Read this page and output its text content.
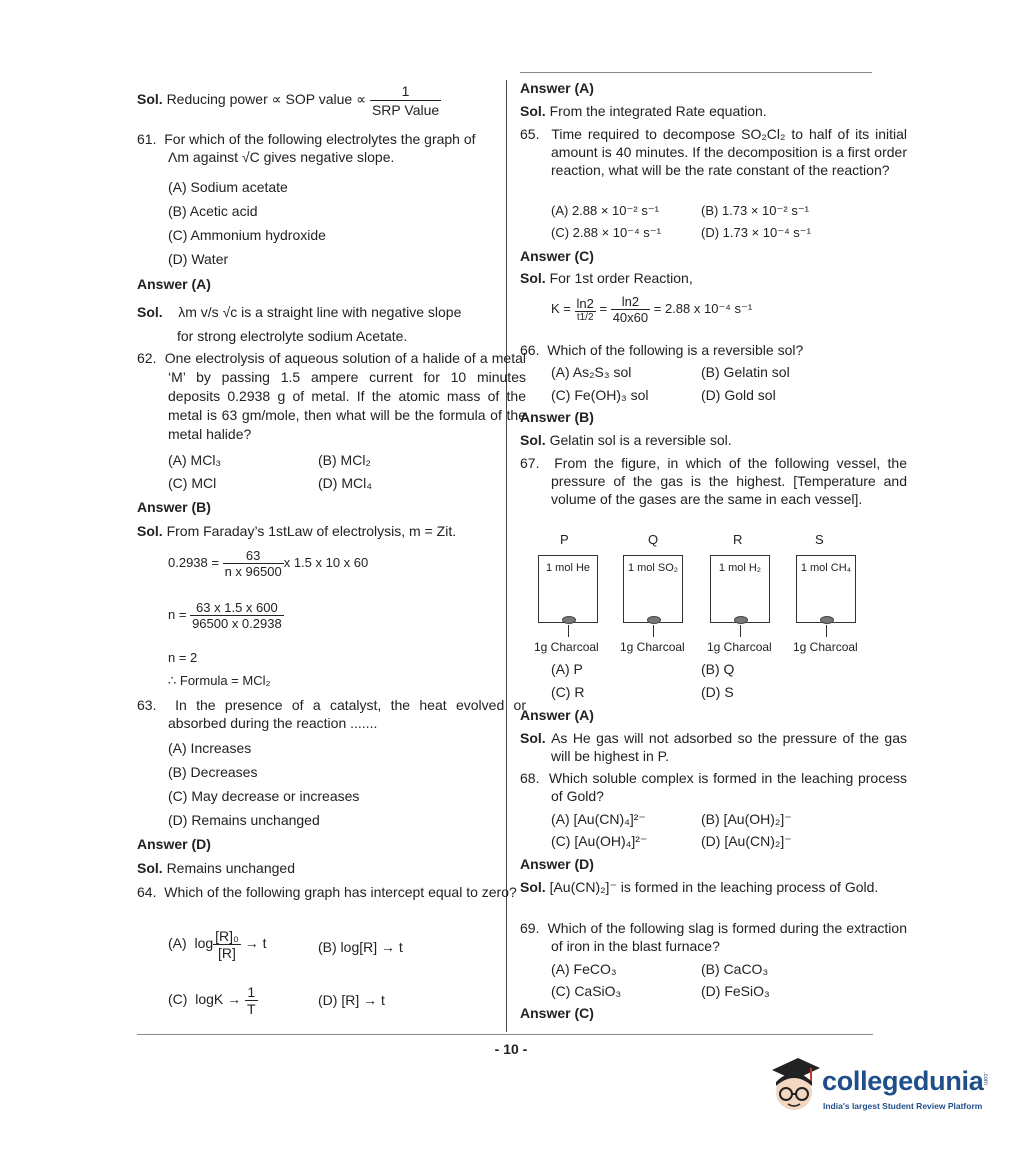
Sol. Reducing power ∝ SOP value ∝ $\frac{1}{\text{SRP Value}}$
61. For which of the following electrolytes the graph of
Λm against √C gives negative slope.
(A) Sodium acetate
(B) Acetic acid
(C) Ammonium hydroxide
(D) Water
Answer (A)
Sol. λm v/s √c is a straight line with negative slope
for strong electrolyte sodium Acetate.
62. One electrolysis of aqueous solution of a halide of a metal ‘M’ by passing 1.5 ampere current for 10 minutes deposits 0.2938 g of metal. If the atomic mass of the metal is 63 gm/mole, then what will be the formula of the metal halide?
(A) MCl₃	(B) MCl₂
(C) MCl	(D) MCl₄
Answer (B)
Sol. From Faraday’s 1stLaw of electrolysis, m = Zit.
$0.2938 = \frac{63}{\text{n x 96500}}$ x 1.5 x 10 x 60
$n = \frac{63 x 1.5 x 600}{96500 x 0.2938}$
n = 2
∴ Formula = MCl₂
63. In the presence of a catalyst, the heat evolved or absorbed during the reaction .......
(A) Increases
(B) Decreases
(C) May decrease or increases
(D) Remains unchanged
Answer (D)
Sol. Remains unchanged
64. Which of the following graph has intercept equal to zero?
(A) $\log \frac{\text{[R]₀}}{[R]} \to t$	(B) log[R] → t
(C) $\log K \to \frac{1}{T}$	(D) [R] → t
Answer (A)
Sol. From the integrated Rate equation.
65. Time required to decompose SO₂Cl₂ to half of its initial amount is 40 minutes. If the decomposition is a first order reaction, what will be the rate constant of the reaction?
(A) 2.88 × 10⁻² s⁻¹	(B) 1.73 × 10⁻² s⁻¹
(C) 2.88 × 10⁻⁴ s⁻¹	(D) 1.73 × 10⁻⁴ s⁻¹
Answer (C)
Sol. For 1st order Reaction,
$K = \frac{\ln 2}{t1/2} = \frac{\ln 2}{40x60} = 2.88$ x 10⁻⁴ s⁻¹
66. Which of the following is a reversible sol?
(A) As₂S₃ sol	(B) Gelatin sol
(C) Fe(OH)₃ sol	(D) Gold sol
Answer (B)
Sol. Gelatin sol is a reversible sol.
67. From the figure, in which of the following vessel, the pressure of the gas is the highest. [Temperature and volume of the gases are the same in each vessel].
P	Q	R	S
1 mol He	1 mol SO₂	1 mol H₂	1 mol CH₄
1g Charcoal 1g Charcoal 1g Charcoal 1g Charcoal
(A) P	(B) Q
(C) R	(D) S
Answer (A)
Sol. As He gas will not adsorbed so the pressure of the gas will be highest in P.
68. Which soluble complex is formed in the leaching process of Gold?
(A) [Au(CN)₄]²⁻	(B) [Au(OH)₂]⁻
(C) [Au(OH)₄]²⁻	(D) [Au(CN)₂]⁻
Answer (D)
Sol. [Au(CN)₂]⁻ is formed in the leaching process of Gold.
69. Which of the following slag is formed during the extraction of iron in the blast furnace?
(A) FeCO₃	(B) CaCO₃
(C) CaSiO₃	(D) FeSiO₃
Answer (C)
- 10 -
collegedunia
.com
India's largest Student Review Platform
